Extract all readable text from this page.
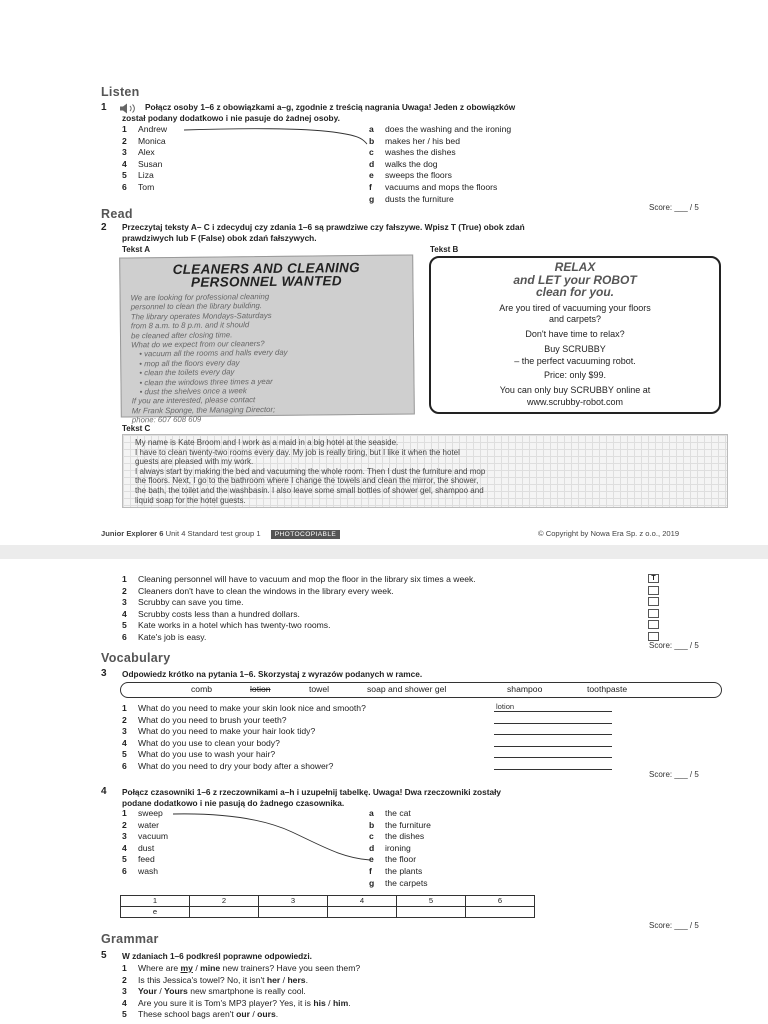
Listen
1	Połącz osoby 1–6 z obowiązkami a–g, zgodnie z treścią nagrania Uwaga! Jeden z obowiązków
został podany dodatkowo i nie pasuje do żadnej osoby.
1 Andrew
2 Monica
3 Alex
4 Susan
5 Liza
6 Tom
a does the washing and the ironing
b makes her / his bed
c washes the dishes
d walks the dog
e sweeps the floors
f vacuums and mops the floors
g dusts the furniture
Score: ___ / 5
Read
2 Przeczytaj teksty A– C i zdecyduj czy zdania 1–6 są prawdziwe czy fałszywe. Wpisz T (True) obok zdań
prawdziwych lub F (False) obok zdań fałszywych.
Tekst A	Tekst B
CLEANERS AND CLEANING
PERSONNEL WANTED
We are looking for professional cleaning
personnel to clean the library building.
The library operates Mondays-Saturdays
from 8 a.m. to 8 p.m. and it should
be cleaned after closing time.
What do we expect from our cleaners?
• vacuum all the rooms and halls every day
• mop all the floors every day
• clean the toilets every day
• clean the windows three times a year
• dust the shelves once a week
If you are interested, please contact
Mr Frank Sponge, the Managing Director;
phone: 607 608 609
RELAX
and LET your ROBOT
clean for you.
Are you tired of vacuuming your floors
and carpets?
Don't have time to relax?
Buy SCRUBBY
– the perfect vacuuming robot.
Price: only $99.
You can only buy SCRUBBY online at
www.scrubby-robot.com
Tekst C
My name is Kate Broom and I work as a maid in a big hotel at the seaside.
I have to clean twenty-two rooms every day. My job is really tiring, but I like it when the hotel
guests are pleased with my work.
I always start by making the bed and vacuuming the whole room. Then I dust the furniture and mop
the floors. Next, I go to the bathroom where I change the towels and clean the mirror, the shower,
the bath, the toilet and the washbasin. I also leave some small bottles of shower gel, shampoo and
liquid soap for the hotel guests.
Junior Explorer 6 Unit 4 Standard test group 1 PHOTOCOPIABLE	© Copyright by Nowa Era Sp. z o.o., 2019
1 Cleaning personnel will have to vacuum and mop the floor in the library six times a week.
2 Cleaners don't have to clean the windows in the library every week.
3 Scrubby can save you time.
4 Scrubby costs less than a hundred dollars.
5 Kate works in a hotel which has twenty-two rooms.
6 Kate's job is easy.
T
Score: ___ / 5
Vocabulary
3 Odpowiedz krótko na pytania 1–6. Skorzystaj z wyrazów podanych w ramce.
comb	lotion	towel	soap and shower gel	shampoo	toothpaste
1 What do you need to make your skin look nice and smooth?
2 What do you need to brush your teeth?
3 What do you need to make your hair look tidy?
4 What do you use to clean your body?
5 What do you use to wash your hair?
6 What do you need to dry your body after a shower?
lotion
Score: ___ / 5
4 Połącz czasowniki 1–6 z rzeczownikami a–h i uzupełnij tabelkę. Uwaga! Dwa rzeczowniki zostały
podane dodatkowo i nie pasują do żadnego czasownika.
1 sweep
2 water
3 vacuum
4 dust
5 feed
6 wash
a the cat
b the furniture
c the dishes
d ironing
e the floor
f the plants
g the carpets
1	2	3	4	5	6
e					
Score: ___ / 5
Grammar
5 W zdaniach 1–6 podkreśl poprawne odpowiedzi.
1 Where are my / mine new trainers? Have you seen them?
2 Is this Jessica's towel? No, it isn't her / hers.
3 Your / Yours new smartphone is really cool.
4 Are you sure it is Tom's MP3 player? Yes, it is his / him.
5 These school bags aren't our / ours.
